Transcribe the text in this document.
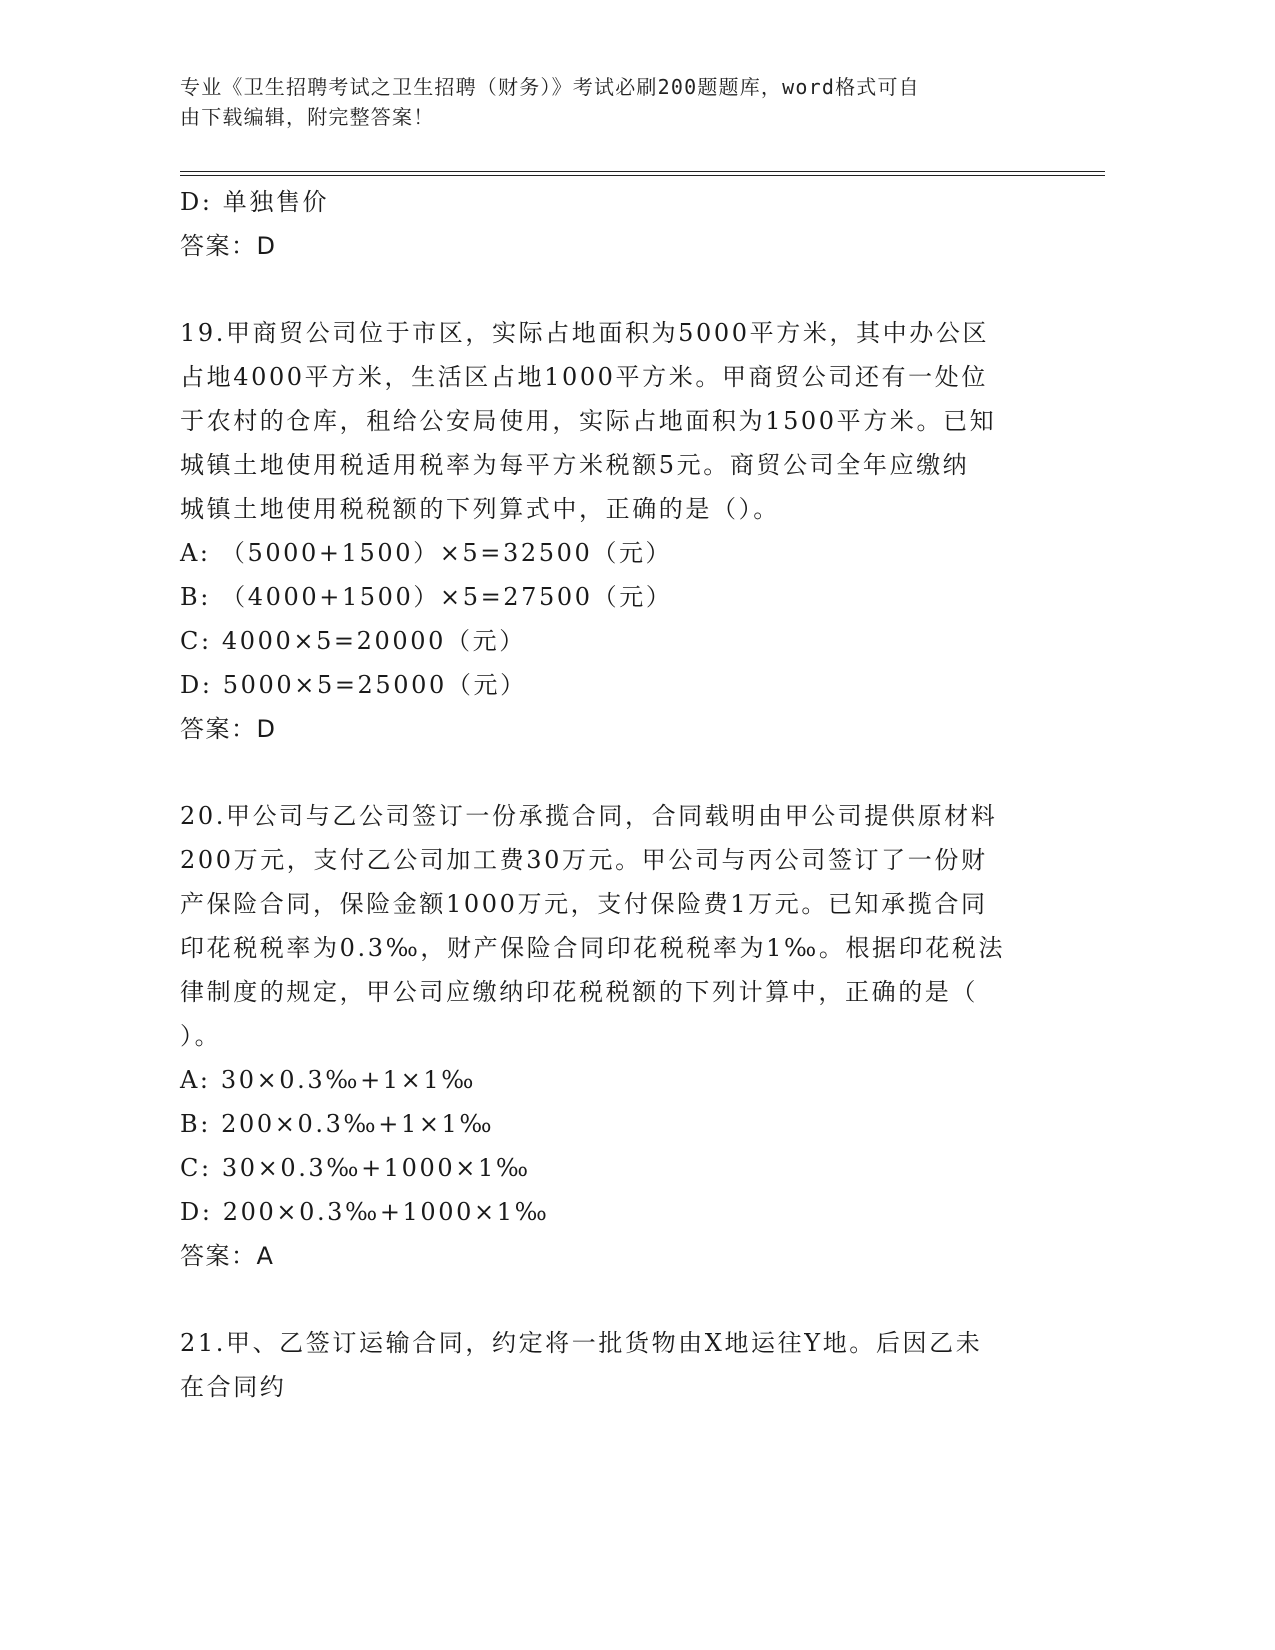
专业《卫生招聘考试之卫生招聘（财务）》考试必刷200题题库，word格式可自
由下载编辑，附完整答案！
D: 单独售价
答案：D
19.甲商贸公司位于市区，实际占地面积为5000平方米，其中办公区
占地4000平方米，生活区占地1000平方米。甲商贸公司还有一处位
于农村的仓库，租给公安局使用，实际占地面积为1500平方米。已知
城镇土地使用税适用税率为每平方米税额5元。商贸公司全年应缴纳
城镇土地使用税税额的下列算式中，正确的是（）。
A: （5000+1500）×5=32500（元）
B: （4000+1500）×5=27500（元）
C: 4000×5=20000（元）
D: 5000×5=25000（元）
答案：D
20.甲公司与乙公司签订一份承揽合同，合同载明由甲公司提供原材料
200万元，支付乙公司加工费30万元。甲公司与丙公司签订了一份财
产保险合同，保险金额1000万元，支付保险费1万元。已知承揽合同
印花税税率为0.3‰，财产保险合同印花税税率为1‰。根据印花税法
律制度的规定，甲公司应缴纳印花税税额的下列计算中，正确的是（
）。
A: 30×0.3‰+1×1‰
B: 200×0.3‰+1×1‰
C: 30×0.3‰+1000×1‰
D: 200×0.3‰+1000×1‰
答案：A
21.甲、乙签订运输合同，约定将一批货物由X地运往Y地。后因乙未
在合同约
